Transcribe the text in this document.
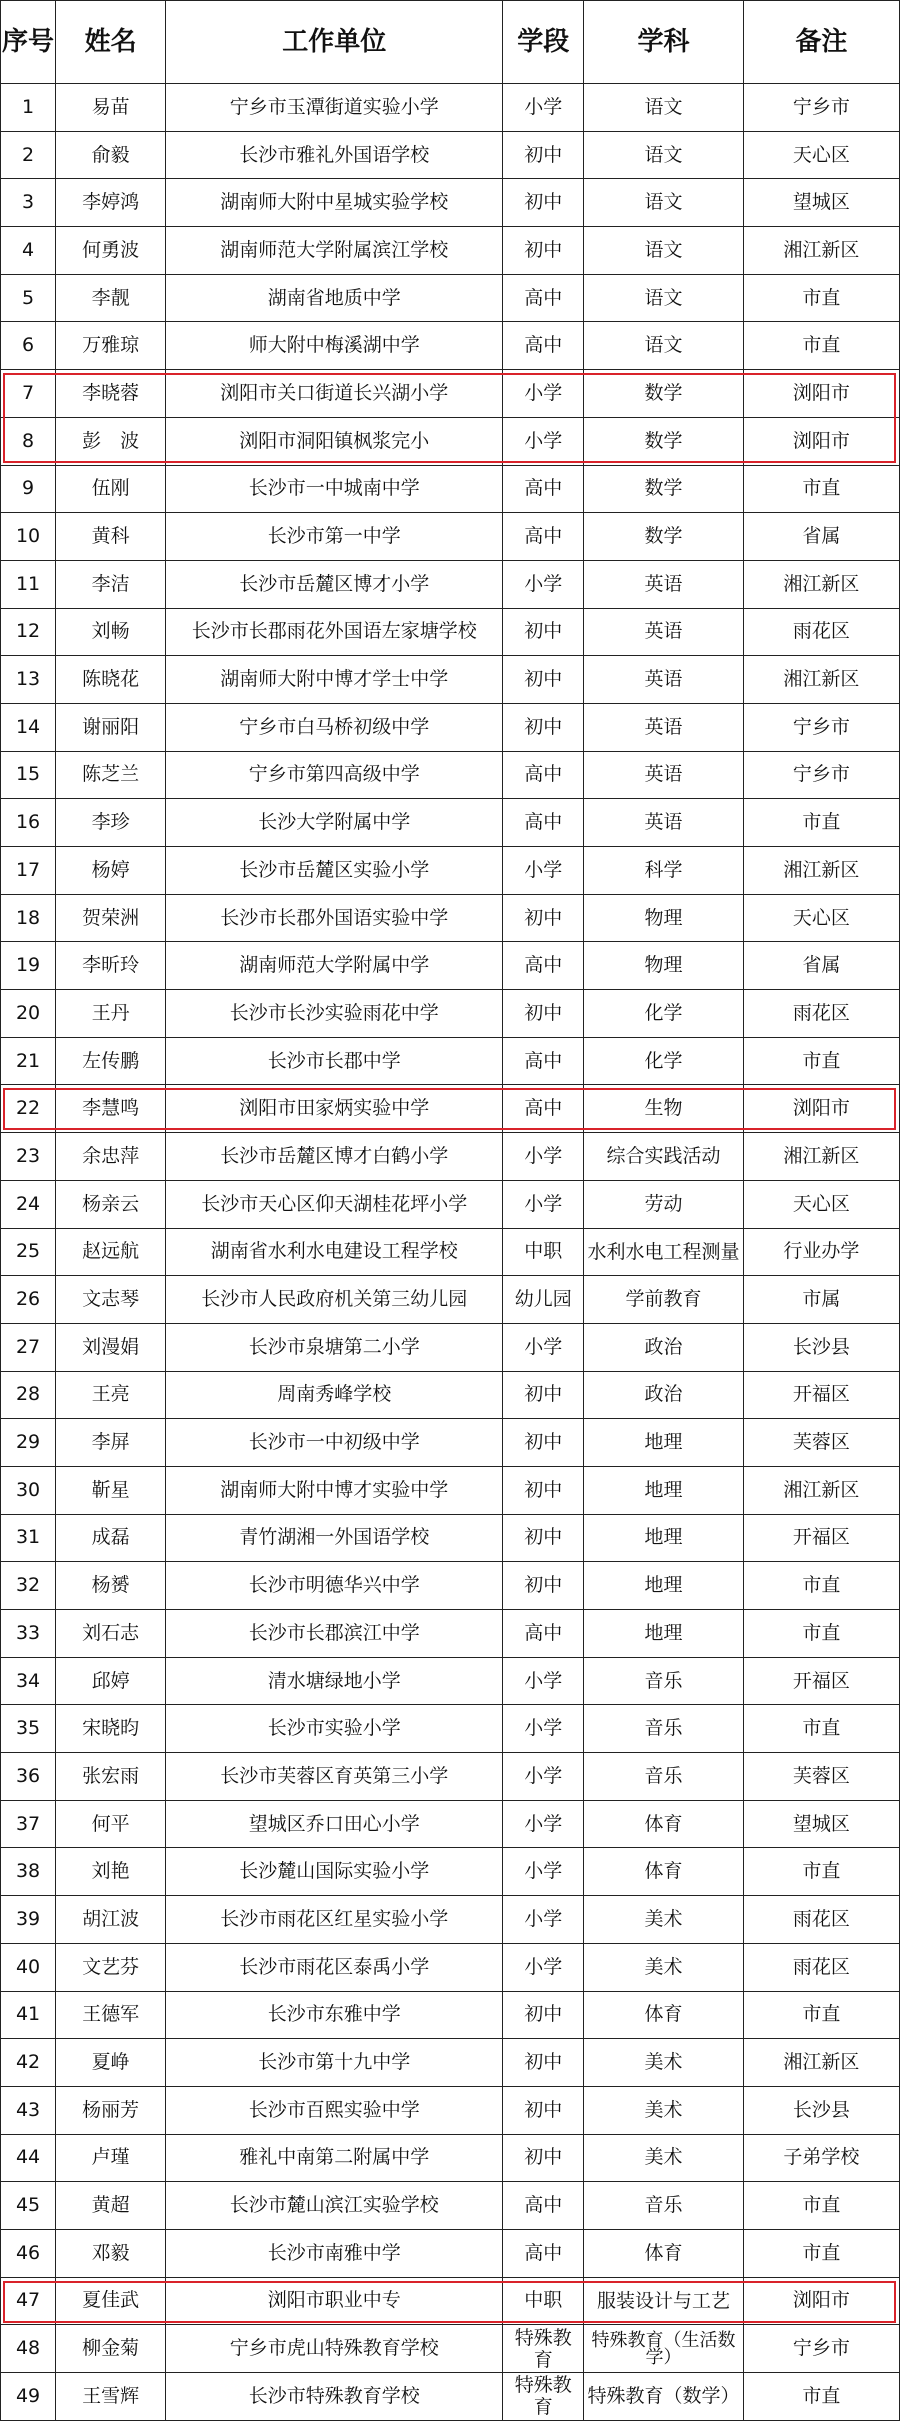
序号	姓名	工作单位	学段	学科	备注
1	易苗	宁乡市玉潭街道实验小学	小学	语文	宁乡市
2	俞毅	长沙市雅礼外国语学校	初中	语文	天心区
3	李婷鸿	湖南师大附中星城实验学校	初中	语文	望城区
4	何勇波	湖南师范大学附属滨江学校	初中	语文	湘江新区
5	李靓	湖南省地质中学	高中	语文	市直
6	万雅琼	师大附中梅溪湖中学	高中	语文	市直
7	李晓蓉	浏阳市关口街道长兴湖小学	小学	数学	浏阳市
8	彭　波	浏阳市洞阳镇枫浆完小	小学	数学	浏阳市
9	伍刚	长沙市一中城南中学	高中	数学	市直
10	黄科	长沙市第一中学	高中	数学	省属
11	李洁	长沙市岳麓区博才小学	小学	英语	湘江新区
12	刘畅	长沙市长郡雨花外国语左家塘学校	初中	英语	雨花区
13	陈晓花	湖南师大附中博才学士中学	初中	英语	湘江新区
14	谢丽阳	宁乡市白马桥初级中学	初中	英语	宁乡市
15	陈芝兰	宁乡市第四高级中学	高中	英语	宁乡市
16	李珍	长沙大学附属中学	高中	英语	市直
17	杨婷	长沙市岳麓区实验小学	小学	科学	湘江新区
18	贺荣洲	长沙市长郡外国语实验中学	初中	物理	天心区
19	李昕玲	湖南师范大学附属中学	高中	物理	省属
20	王丹	长沙市长沙实验雨花中学	初中	化学	雨花区
21	左传鹏	长沙市长郡中学	高中	化学	市直
22	李慧鸣	浏阳市田家炳实验中学	高中	生物	浏阳市
23	余忠萍	长沙市岳麓区博才白鹤小学	小学	综合实践活动	湘江新区
24	杨亲云	长沙市天心区仰天湖桂花坪小学	小学	劳动	天心区
25	赵远航	湖南省水利水电建设工程学校	中职	水利水电工程测量	行业办学
26	文志琴	长沙市人民政府机关第三幼儿园	幼儿园	学前教育	市属
27	刘漫娟	长沙市泉塘第二小学	小学	政治	长沙县
28	王亮	周南秀峰学校	初中	政治	开福区
29	李屏	长沙市一中初级中学	初中	地理	芙蓉区
30	靳星	湖南师大附中博才实验中学	初中	地理	湘江新区
31	成磊	青竹湖湘一外国语学校	初中	地理	开福区
32	杨赟	长沙市明德华兴中学	初中	地理	市直
33	刘石志	长沙市长郡滨江中学	高中	地理	市直
34	邱婷	清水塘绿地小学	小学	音乐	开福区
35	宋晓昀	长沙市实验小学	小学	音乐	市直
36	张宏雨	长沙市芙蓉区育英第三小学	小学	音乐	芙蓉区
37	何平	望城区乔口田心小学	小学	体育	望城区
38	刘艳	长沙麓山国际实验小学	小学	体育	市直
39	胡江波	长沙市雨花区红星实验小学	小学	美术	雨花区
40	文艺芬	长沙市雨花区泰禹小学	小学	美术	雨花区
41	王德军	长沙市东雅中学	初中	体育	市直
42	夏峥	长沙市第十九中学	初中	美术	湘江新区
43	杨丽芳	长沙市百熙实验中学	初中	美术	长沙县
44	卢瑾	雅礼中南第二附属中学	初中	美术	子弟学校
45	黄超	长沙市麓山滨江实验学校	高中	音乐	市直
46	邓毅	长沙市南雅中学	高中	体育	市直
47	夏佳武	浏阳市职业中专	中职	服装设计与工艺	浏阳市
48	柳金菊	宁乡市虎山特殊教育学校	特殊教育	特殊教育（生活数学）	宁乡市
49	王雪辉	长沙市特殊教育学校	特殊教育	特殊教育（数学）	市直
